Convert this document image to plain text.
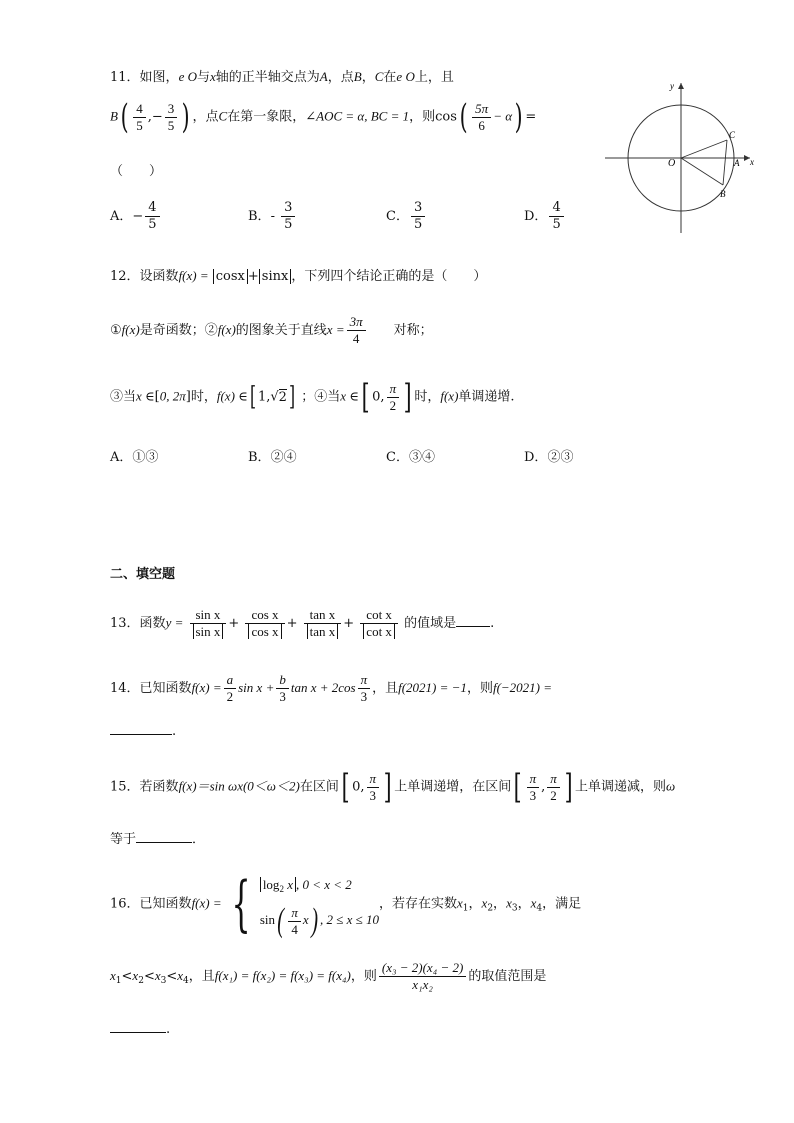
11．如图，e O与x轴的正半轴交点为A，点B，C在e O上，且
$B( \frac{4}{5}$ ,− $\frac{3}{5}$ ) ，点C在第一象限，∠AOC = α, BC = 1，则$\cos( \frac{5\pi}{6} - \alpha)$ =
（　　）
A．− $\frac{4}{5}$	B．- $\frac{3}{5}$	C． $\frac{3}{5}$	D． $\frac{4}{5}$
y
x
O	A
C
B
12．设函数f(x) = cosx + sinx ，下列四个结论正确的是（　　）
①f(x)是奇函数；②f(x)的图象关于直线$x = \frac{3\pi}{4}$
　　 对称；
③当x ∈[0, 2π]时，f(x) ∈[ 1,√2] ；④当x ∈[ 0, $\frac{\pi}{2}$ ] 时，f(x)单调递增.
A．①③	B．②④	C．③④	D．②③
二、填空题
13．函数$y = \frac{\text{sin x}}{\text{sin x}} + \frac{\text{cos x}}{\text{cos x}} + \frac{\text{tan x}}{\text{tan x}} + \frac{\text{cot x}}{\text{cot x}}$ 的值域是	.
14．已知函数$f(x) = \frac{a}{2}$ $\sin x + \frac{b}{3}$ $\tan x + 2\cos \frac{\pi}{3}$ ，且f(2021) = −1，则f(−2021) =
.
15．若函数f(x)＝sin ωx(0＜ω＜2)在区间[ 0, $\frac{\pi}{3}$ ] 上单调递增，在区间[ $\frac{\pi}{3}$ , $\frac{\pi}{2}$ ] 上单调递减，则ω
等于	．
16．已知函数f(x) = { $\log_2 x$ , 0 < x < 2
$\sin( \frac{\pi}{4} x)$ , 2 ≤ x ≤ 10
，若存在实数$x_1$，$x_2$，$x_3$，$x_4$，满足
$x_1<x_2<x_3<x_4$，且f(x₁) = f(x₂) = f(x₃) = f(x₄)，则 $\frac{\text{(x₃ − 2)(x₄ − 2)}}{\text{x₁x₂}}$ 的取值范围是
.
